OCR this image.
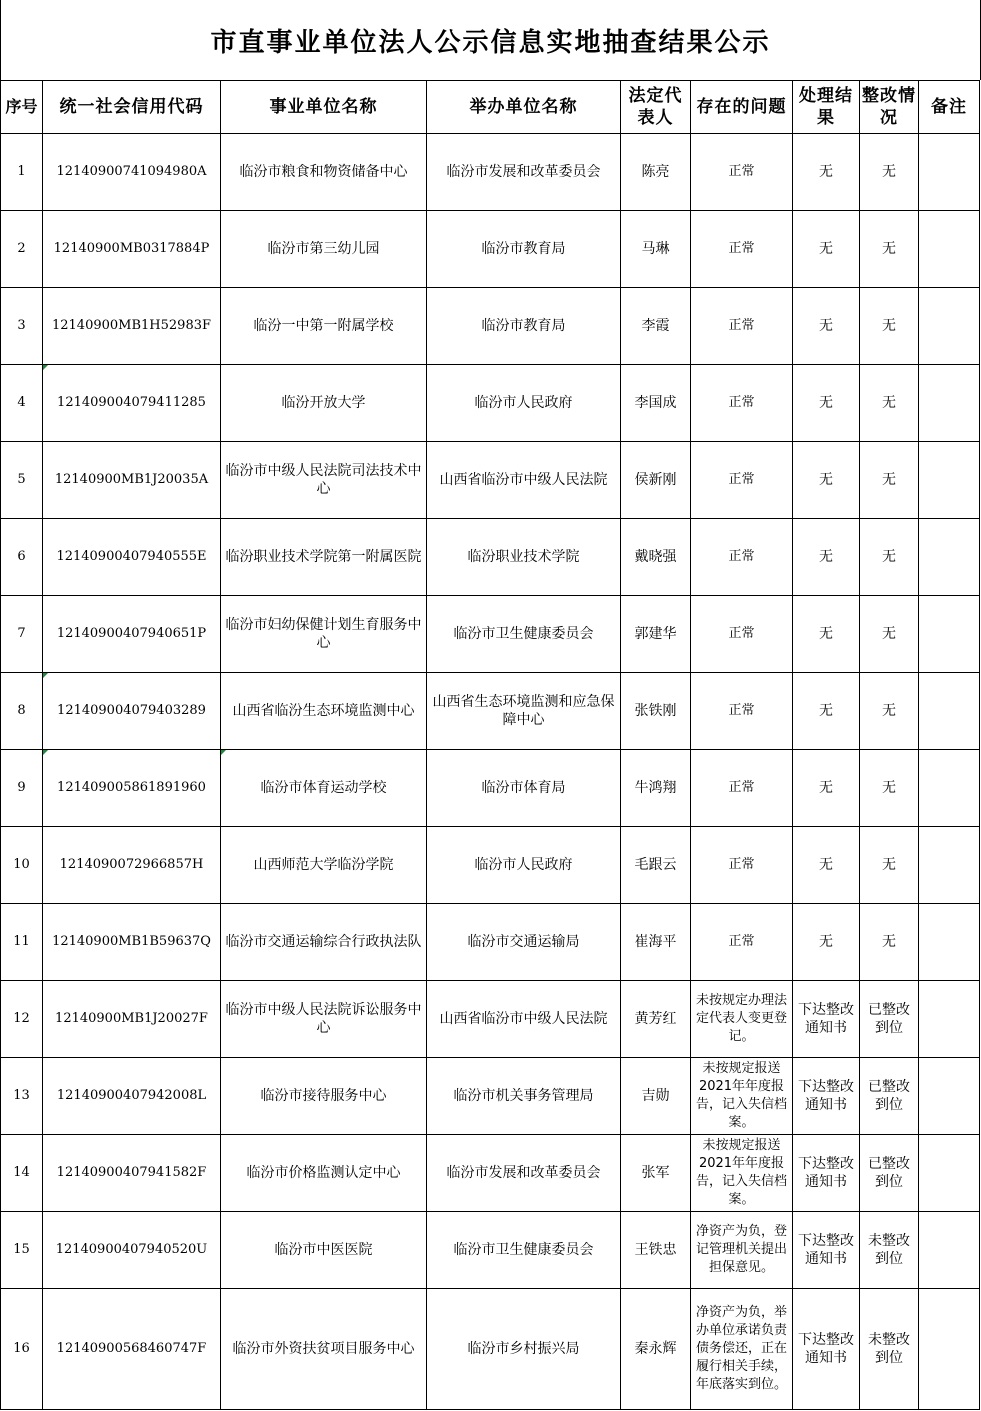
市直事业单位法人公示信息实地抽查结果公示
序号	统一社会信用代码	事业单位名称	举办单位名称	法定代表人	存在的问题	处理结果	整改情况	备注
1	12140900741094980A	临汾市粮食和物资储备中心	临汾市发展和改革委员会	陈亮	正常	无	无	
2	12140900MB0317884P	临汾市第三幼儿园	临汾市教育局	马琳	正常	无	无	
3	12140900MB1H52983F	临汾一中第一附属学校	临汾市教育局	李霞	正常	无	无	
4	121409004079411285	临汾开放大学	临汾市人民政府	李国成	正常	无	无	
5	12140900MB1J20035A	临汾市中级人民法院司法技术中心	山西省临汾市中级人民法院	侯新刚	正常	无	无	
6	12140900407940555E	临汾职业技术学院第一附属医院	临汾职业技术学院	戴晓强	正常	无	无	
7	12140900407940651P	临汾市妇幼保健计划生育服务中心	临汾市卫生健康委员会	郭建华	正常	无	无	
8	121409004079403289	山西省临汾生态环境监测中心	山西省生态环境监测和应急保障中心	张铁刚	正常	无	无	
9	121409005861891960	临汾市体育运动学校	临汾市体育局	牛鸿翔	正常	无	无	
10	1214090072966857H	山西师范大学临汾学院	临汾市人民政府	毛跟云	正常	无	无	
11	12140900MB1B59637Q	临汾市交通运输综合行政执法队	临汾市交通运输局	崔海平	正常	无	无	
12	12140900MB1J20027F	临汾市中级人民法院诉讼服务中心	山西省临汾市中级人民法院	黄芳红	未按规定办理法定代表人变更登记。	下达整改通知书	已整改到位	
13	12140900407942008L	临汾市接待服务中心	临汾市机关事务管理局	吉勋	未按规定报送2021年年度报告，记入失信档案。	下达整改通知书	已整改到位	
14	12140900407941582F	临汾市价格监测认定中心	临汾市发展和改革委员会	张军	未按规定报送2021年年度报告，记入失信档案。	下达整改通知书	已整改到位	
15	12140900407940520U	临汾市中医医院	临汾市卫生健康委员会	王铁忠	净资产为负，登记管理机关提出担保意见。	下达整改通知书	未整改到位	
16	12140900568460747F	临汾市外资扶贫项目服务中心	临汾市乡村振兴局	秦永辉	净资产为负，举办单位承诺负责债务偿还，正在履行相关手续，年底落实到位。	下达整改通知书	未整改到位	
